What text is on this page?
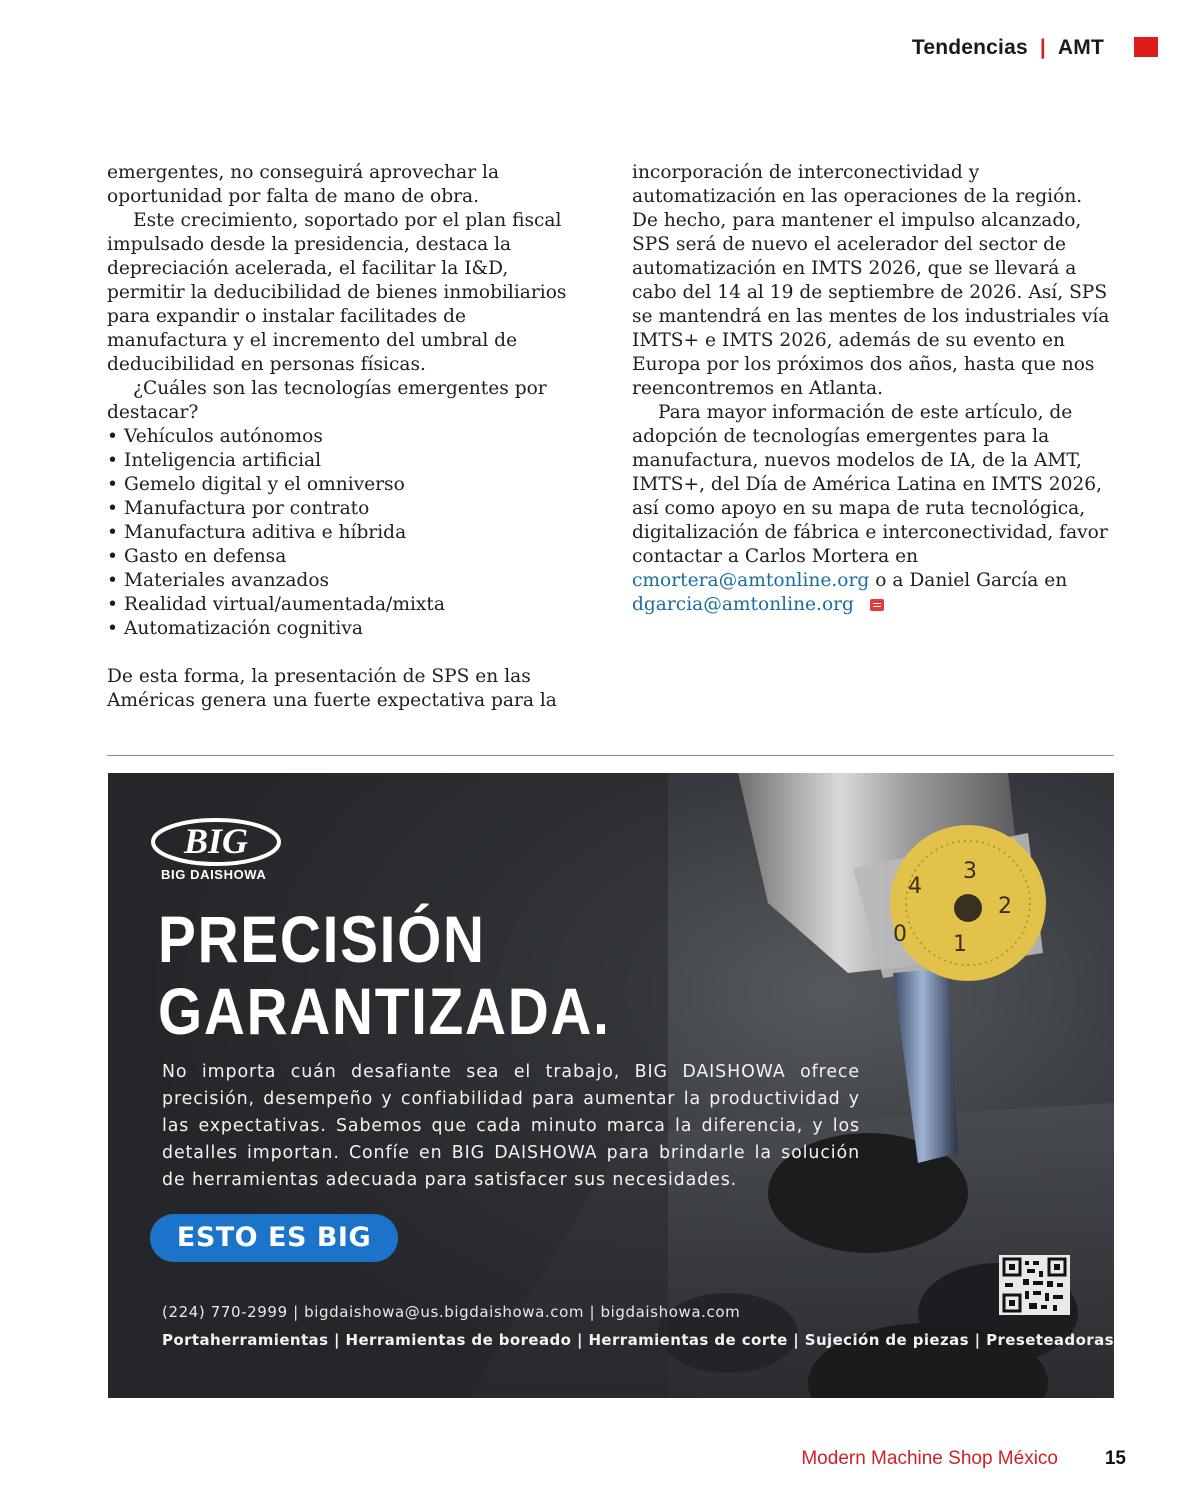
Tendencias | AMT

emergentes, no conseguirá aprovechar la oportunidad por falta de mano de obra.

Este crecimiento, soportado por el plan fiscal impulsado desde la presidencia, destaca la depreciación acelerada, el facilitar la I&D, permitir la deducibilidad de bienes inmobiliarios para expandir o instalar facilitades de manufactura y el incremento del umbral de deducibilidad en personas físicas.

¿Cuáles son las tecnologías emergentes por destacar?

• Vehículos autónomos
• Inteligencia artificial
• Gemelo digital y el omniverso
• Manufactura por contrato
• Manufactura aditiva e híbrida
• Gasto en defensa
• Materiales avanzados
• Realidad virtual/aumentada/mixta
• Automatización cognitiva

De esta forma, la presentación de SPS en las Américas genera una fuerte expectativa para la

incorporación de interconectividad y automatización en las operaciones de la región. De hecho, para mantener el impulso alcanzado, SPS será de nuevo el acelerador del sector de automatización en IMTS 2026, que se llevará a cabo del 14 al 19 de septiembre de 2026. Así, SPS se mantendrá en las mentes de los industriales vía IMTS+ e IMTS 2026, además de su evento en Europa por los próximos dos años, hasta que nos reencontremos en Atlanta.

Para mayor información de este artículo, de adopción de tecnologías emergentes para la manufactura, nuevos modelos de IA, de la AMT, IMTS+, del Día de América Latina en IMTS 2026, así como apoyo en su mapa de ruta tecnológica, digitalización de fábrica e interconectividad, favor contactar a Carlos Mortera en cmortera@amtonline.org o a Daniel García en dgarcia@amtonline.org

4
3
2
1
0
BIG
BIG DAISHOWA
PRECISIÓN
GARANTIZADA.

No importa cuán desafiante sea el trabajo, BIG DAISHOWA ofrece precisión, desempeño y confiabilidad para aumentar la productividad y las expectativas. Sabemos que cada minuto marca la diferencia, y los detalles importan. Confíe en BIG DAISHOWA para brindarle la solución de herramientas adecuada para satisfacer sus necesidades.

ESTO ES BIG
(224) 770-2999 | bigdaishowa@us.bigdaishowa.com | bigdaishowa.com
Portaherramientas | Herramientas de boreado | Herramientas de corte | Sujeción de piezas | Preseteadoras
Modern Machine Shop México 15
